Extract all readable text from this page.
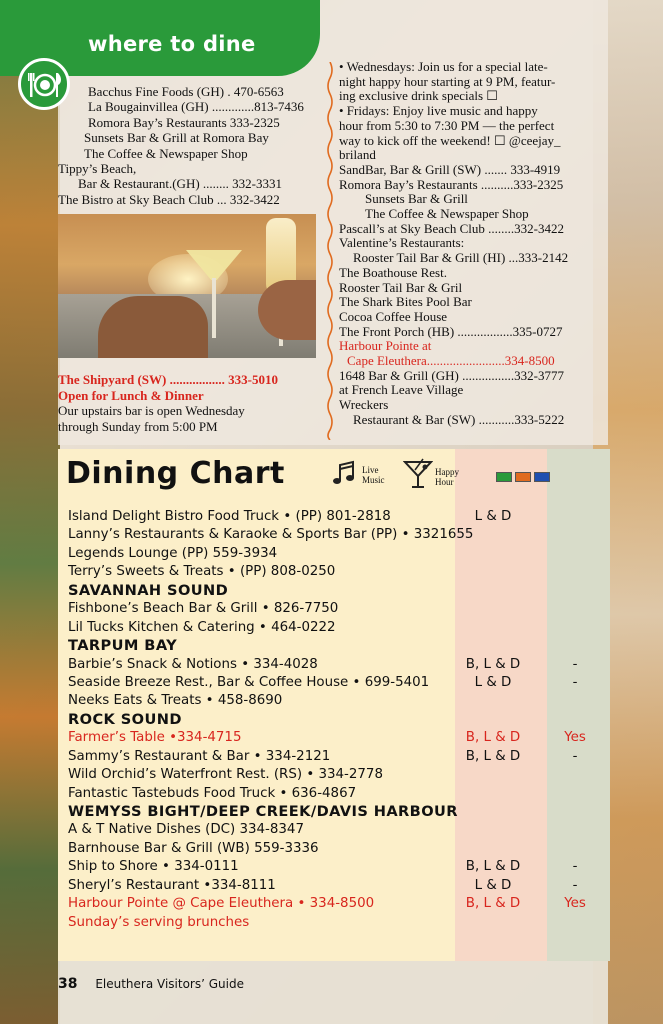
where to dine
Bacchus Fine Foods (GH) . 470-6563
La Bougainvillea (GH) .............813-7436
Romora Bay’s Restaurants 333-2325
Sunsets Bar & Grill at Romora Bay
The Coffee & Newspaper Shop
Tippy’s Beach,
Bar & Restaurant.(GH) ........ 332-3331
The Bistro at Sky Beach Club ... 332-3422
The Shipyard (SW) ................. 333-5010
Open for Lunch & Dinner
Our upstairs bar is open Wednesday
through Sunday from 5:00 PM
• Wednesdays: Join us for a special late-
night happy hour starting at 9 PM, featur-
ing exclusive drink specials ☐
• Fridays: Enjoy live music and happy
hour from 5:30 to 7:30 PM — the perfect
way to kick off the weekend! ☐ @ceejay_
briland
SandBar, Bar & Grill (SW) ....... 333-4919
Romora Bay’s Restaurants ..........333-2325
Sunsets Bar & Grill
The Coffee & Newspaper Shop
Pascall’s at Sky Beach Club ........332-3422
Valentine’s Restaurants:
Rooster Tail Bar & Grill (HI) ...333-2142
The Boathouse Rest.
Rooster Tail Bar & Gril
The Shark Bites Pool Bar
Cocoa Coffee House
The Front Porch (HB) .................335-0727
Harbour Pointe at
Cape Eleuthera........................334-8500
1648 Bar & Grill (GH) ................332-3777
at French Leave Village
Wreckers
Restaurant & Bar (SW) ...........333-5222
Dining Chart	Live
Music
Happy
Hour
Island Delight Bistro Food Truck • (PP) 801-2818	L & D
Lanny’s Restaurants & Karaoke & Sports Bar (PP) • 3321655
Legends Lounge (PP) 559-3934
Terry’s Sweets & Treats • (PP) 808-0250
SAVANNAH SOUND
Fishbone’s Beach Bar & Grill • 826-7750
Lil Tucks Kitchen & Catering • 464-0222
TARPUM BAY
Barbie’s Snack & Notions • 334-4028	B, L & D	-
Seaside Breeze Rest., Bar & Coffee House • 699-5401	L & D	-
Neeks Eats & Treats • 458-8690
ROCK SOUND
Farmer’s Table •334-4715	B, L & D	Yes
Sammy’s Restaurant & Bar • 334-2121	B, L & D	-
Wild Orchid’s Waterfront Rest. (RS) • 334-2778
Fantastic Tastebuds Food Truck • 636-4867
WEMYSS BIGHT/DEEP CREEK/DAVIS HARBOUR
A & T Native Dishes (DC) 334-8347
Barnhouse Bar & Grill (WB) 559-3336
Ship to Shore • 334-0111	B, L & D	-
Sheryl’s Restaurant •334-8111	L & D	-
Harbour Pointe @ Cape Eleuthera • 334-8500	B, L & D	Yes
Sunday’s serving brunches
38 Eleuthera Visitors’ Guide
